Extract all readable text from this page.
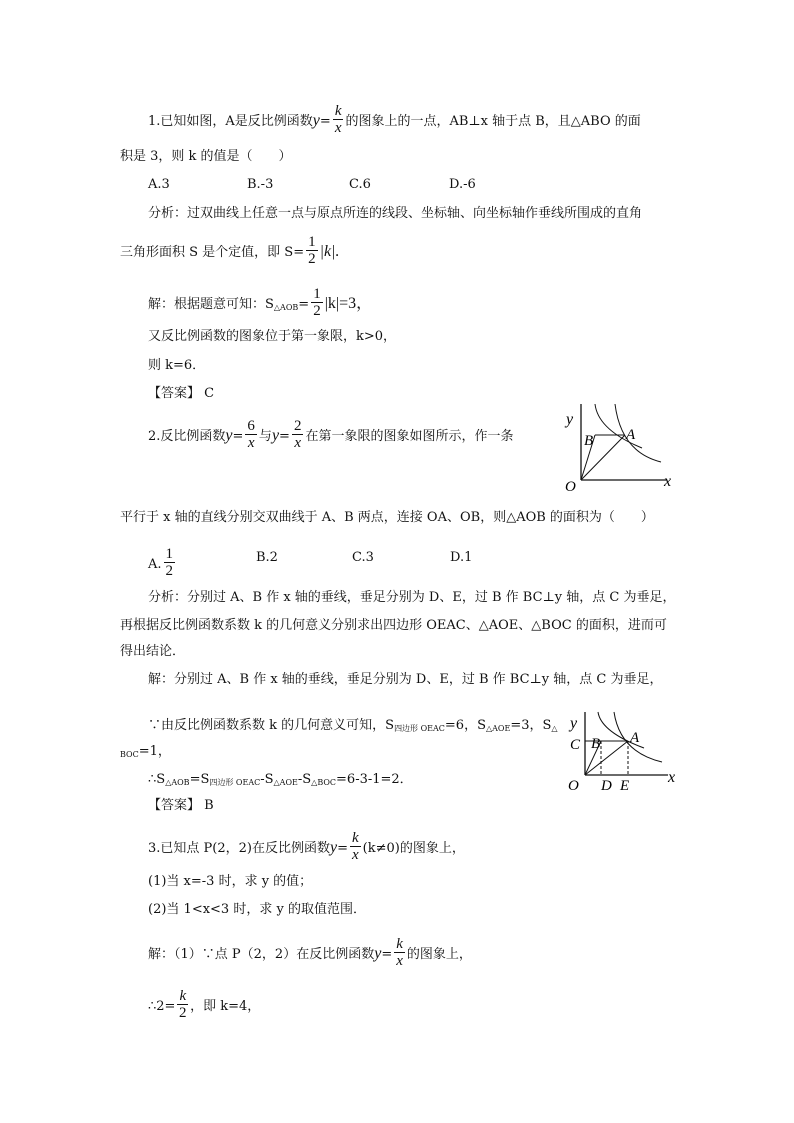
1.已知如图，A是反比例函数$y= \frac{k}{x}$ 的图象上的一点，AB⊥x 轴于点 B，且△ABO 的面
积是 3，则 k 的值是（　　）
A.3	B.-3	C.6	D.-6
分析：过双曲线上任意一点与原点所连的线段、坐标轴、向坐标轴作垂线所围成的直角
三角形面积 S 是个定值，即 $S= \frac{1}{2} |k|$.
解：根据题意可知：$S_{\triangle AOB}= \frac{1}{2} |k|=3$，
又反比例函数的图象位于第一象限，k>0，
则 k=6．
【答案】 C
2.反比例函数$y= \frac{6}{x}$ 与$y= \frac{2}{x}$ 在第一象限的图象如图所示，作一条
y
x
O
A
B
平行于 x 轴的直线分别交双曲线于 A、B 两点，连接 OA、OB，则△AOB 的面积为（　　）
A. $\frac{1}{2}$	B.2	C.3	D.1
分析：分别过 A、B 作 x 轴的垂线，垂足分别为 D、E，过 B 作 BC⊥y 轴，点 C 为垂足，
再根据反比例函数系数 k 的几何意义分别求出四边形 OEAC、△AOE、△BOC 的面积，进而可
得出结论．
解：分别过 A、B 作 x 轴的垂线，垂足分别为 D、E，过 B 作 BC⊥y 轴，点 C 为垂足，
∵由反比例函数系数 k 的几何意义可知，$S_{四边形 OEAC}=6$，$S_{\triangle AOE}=3$，$S_\triangle$
$_{BOC}$=1，
$\therefore S_{\triangle AOB}=S_{四边形 OEAC}-S_{\triangle AOE}-S_{\triangle BOC}=6-3-1=2$．
【答案】 B
y
x
O
A
B
C
D E
3.已知点 P(2，2)在反比例函数$y= \frac{k}{x} (k\ne 0)$的图象上，
(1)当 x=-3 时，求 y 的值；
(2)当 1<x<3 时，求 y 的取值范围．
解：（1）∵点 P（2，2）在反比例函数$y= \frac{k}{x}$ 的图象上，
∴2= $\frac{k}{2}$ ，即 k=4，
